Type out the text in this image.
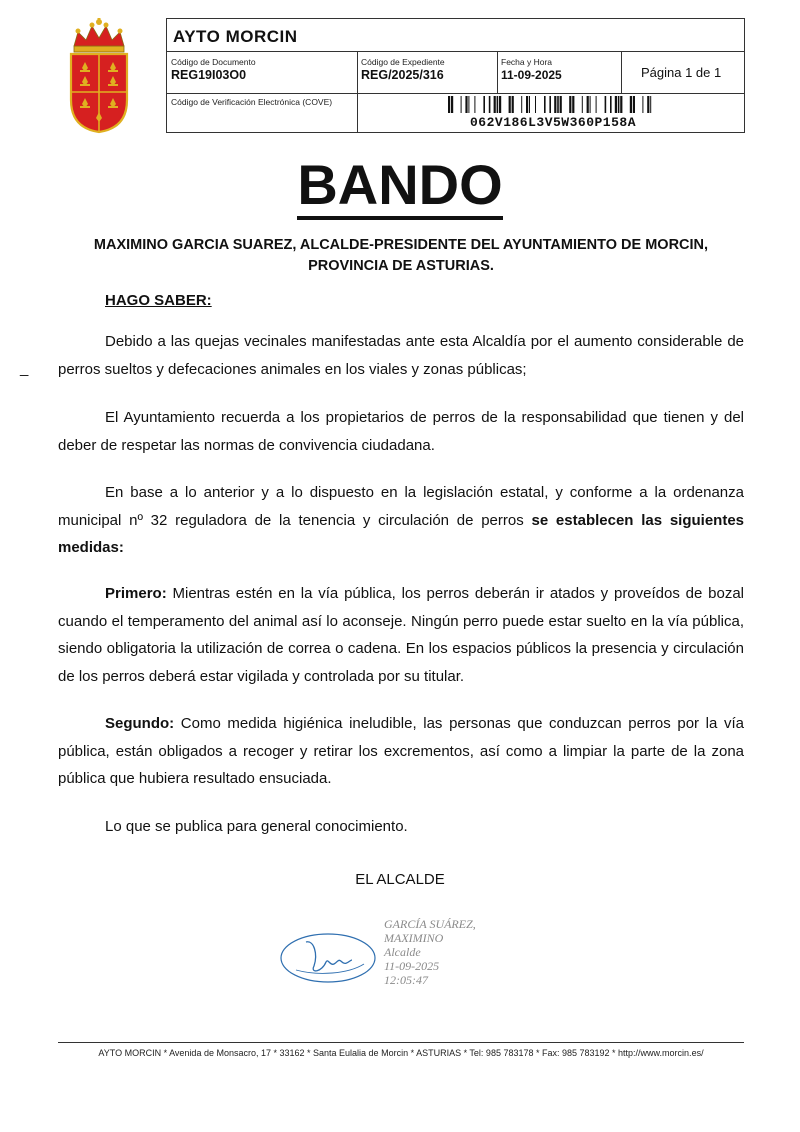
AYTO MORCIN
Código de Documento
REG19I03O0
Código de Expediente
REG/2025/316
Fecha y Hora
11-09-2025	Página 1 de 1
Código de Verificación Electrónica (COVE)
062V186L3V5W360P158A
BANDO
MAXIMINO GARCIA SUAREZ, ALCALDE-PRESIDENTE DEL AYUNTAMIENTO DE MORCIN,
PROVINCIA DE ASTURIAS.
HAGO SABER:
_
Debido a las quejas vecinales manifestadas ante esta Alcaldía por el aumento considerable de perros sueltos y defecaciones animales en los viales y zonas públicas;
El Ayuntamiento recuerda a los propietarios de perros de la responsabilidad que tienen y del deber de respetar las normas de convivencia ciudadana.
En base a lo anterior y a lo dispuesto en la legislación estatal, y conforme a la ordenanza municipal nº 32 reguladora de la tenencia y circulación de perros se establecen las siguientes medidas:
Primero: Mientras estén en la vía pública, los perros deberán ir atados y proveídos de bozal cuando el temperamento del animal así lo aconseje. Ningún perro puede estar suelto en la vía pública, siendo obligatoria la utilización de correa o cadena. En los espacios públicos la presencia y circulación de los perros deberá estar vigilada y controlada por su titular.
Segundo: Como medida higiénica ineludible, las personas que conduzcan perros por la vía pública, están obligados a recoger y retirar los excrementos, así como a limpiar la parte de la zona pública que hubiera resultado ensuciada.
Lo que se publica para general conocimiento.
EL ALCALDE
GARCÍA SUÁREZ,
MAXIMINO
Alcalde
11-09-2025
12:05:47
AYTO MORCIN * Avenida de Monsacro, 17 * 33162 * Santa Eulalia de Morcin * ASTURIAS * Tel: 985 783178 * Fax: 985 783192 * http://www.morcin.es/
